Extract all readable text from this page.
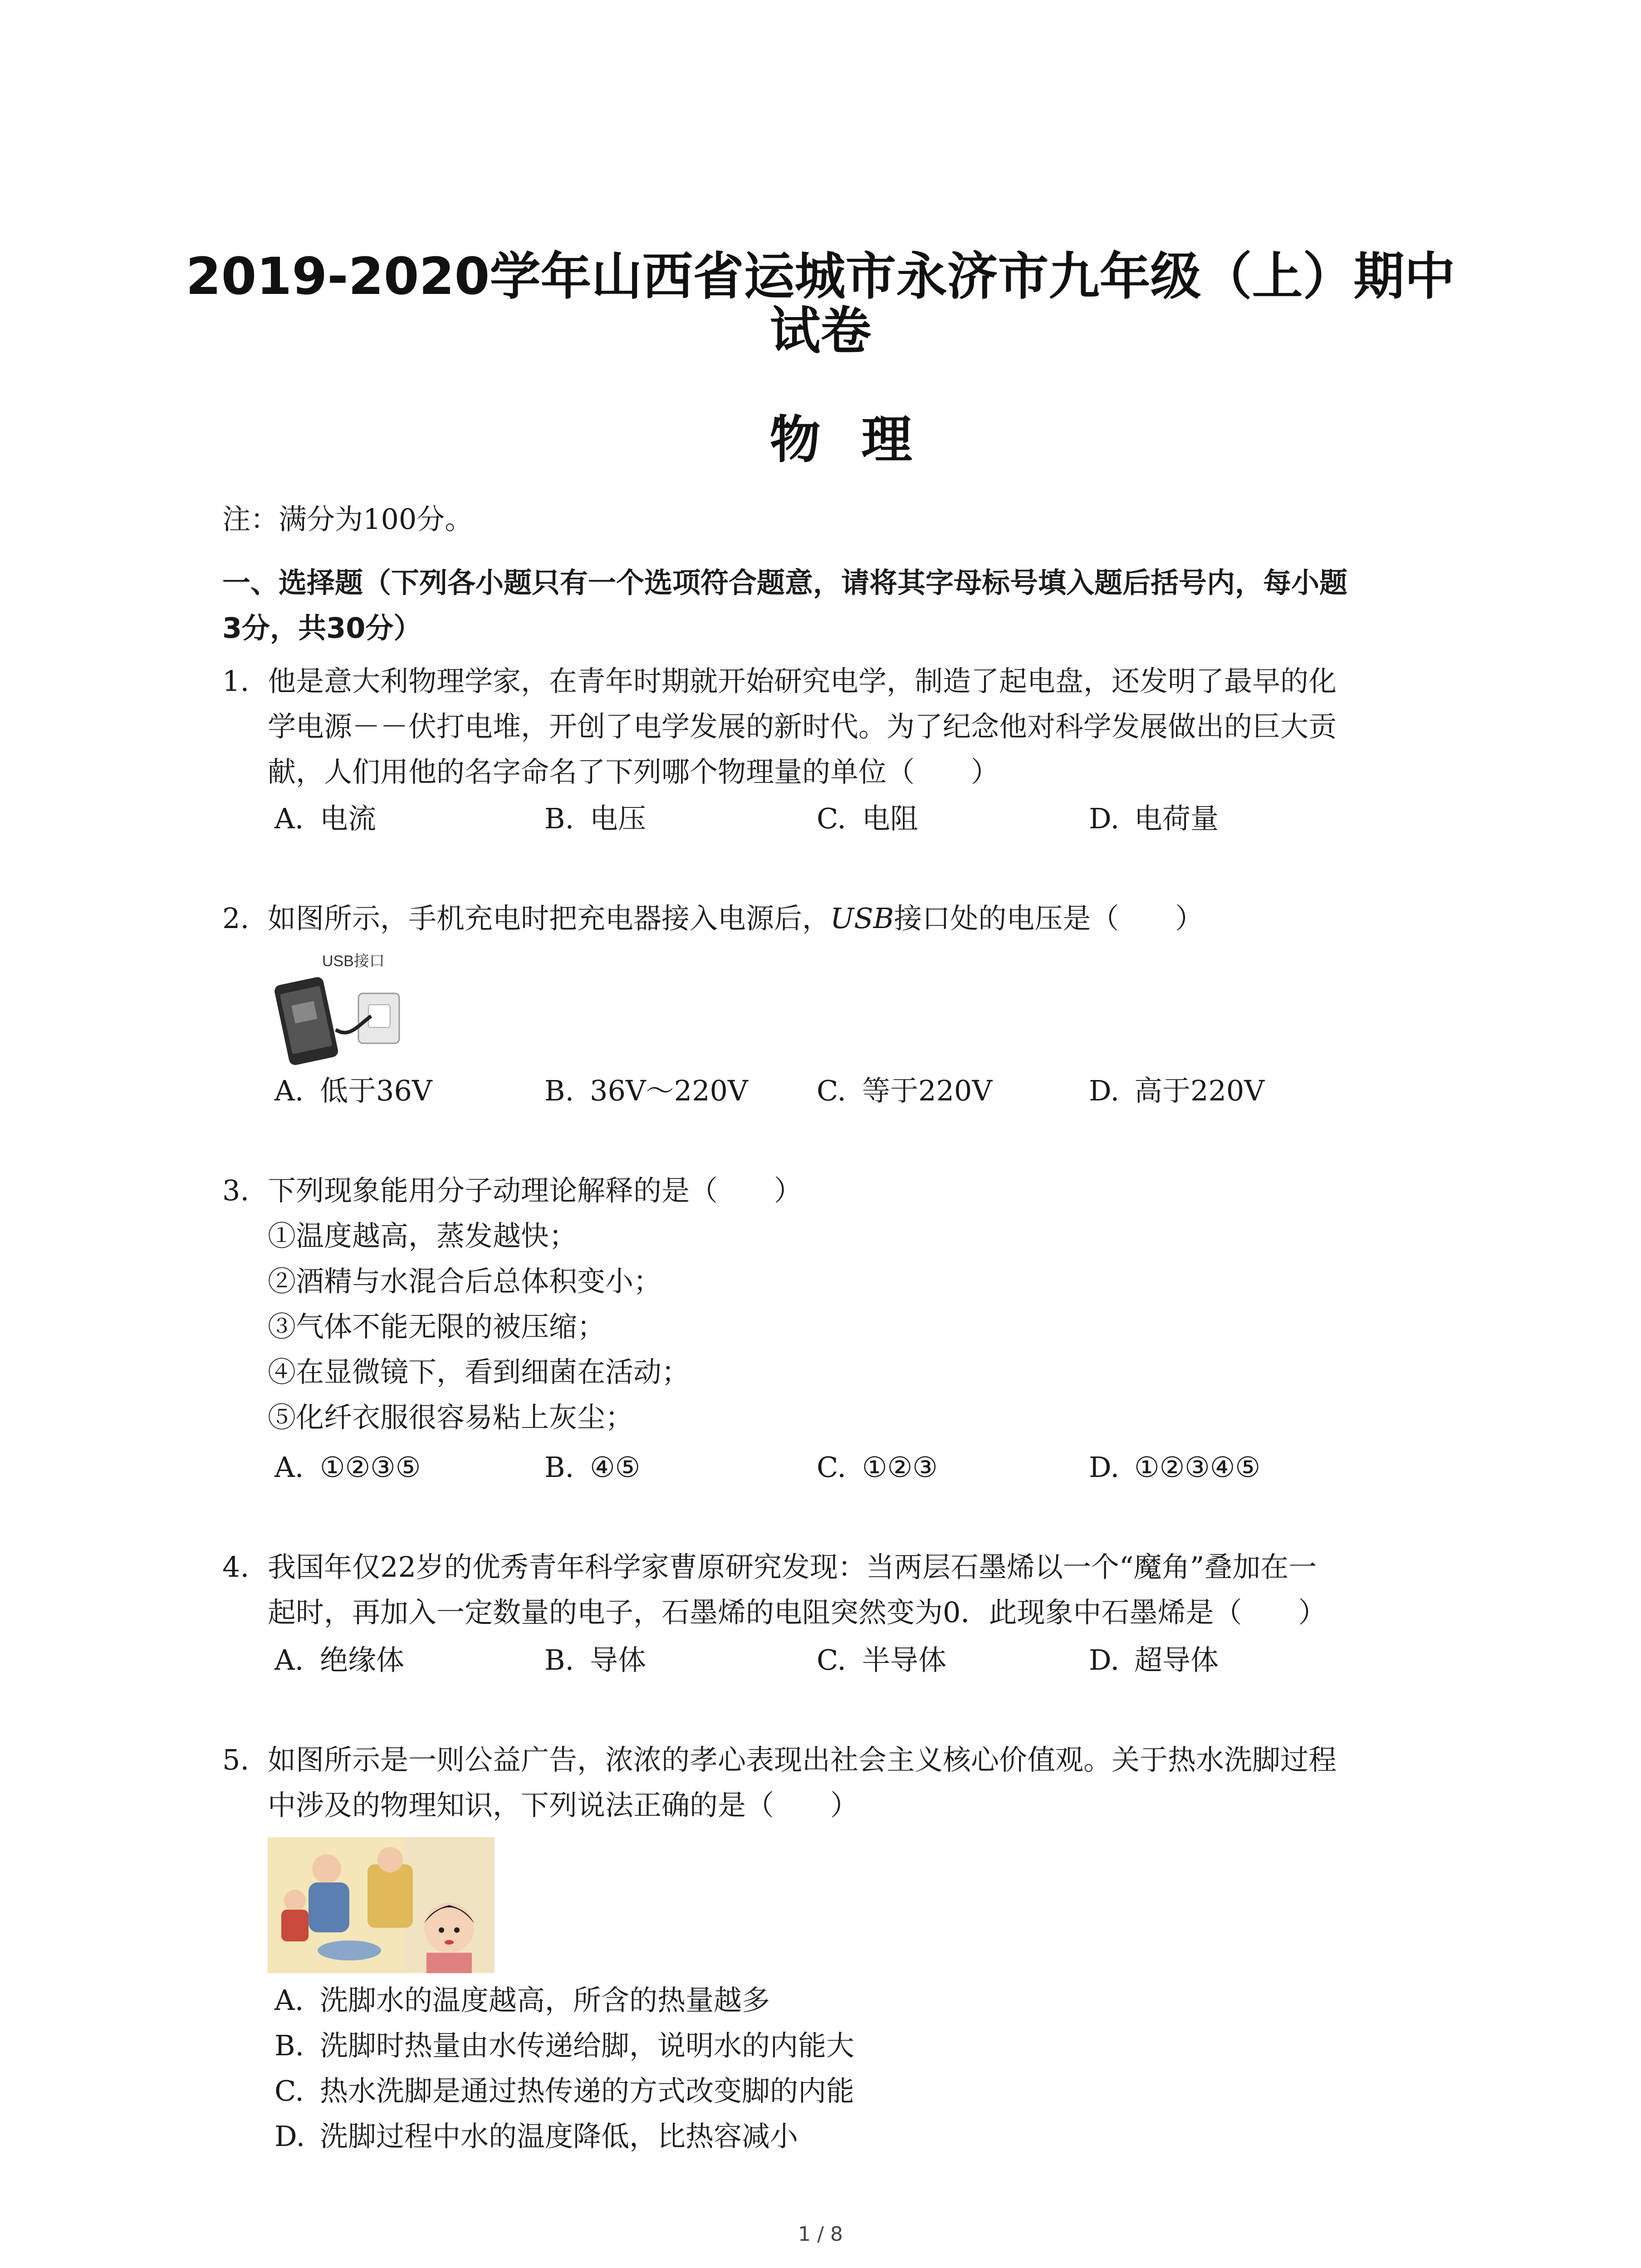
2019-2020学年山西省运城市永济市九年级（上）期中
试卷
物理
注：满分为100分。
一、选择题（下列各小题只有一个选项符合题意，请将其字母标号填入题后括号内，每小题
3分，共30分）
1. 他是意大利物理学家，在青年时期就开始研究电学，制造了起电盘，还发明了最早的化
学电源－－伏打电堆，开创了电学发展的新时代。为了纪念他对科学发展做出的巨大贡
献，人们用他的名字命名了下列哪个物理量的单位（　　）
A. 电流	B. 电压	C. 电阻	D. 电荷量
2. 如图所示，手机充电时把充电器接入电源后，USB接口处的电压是（　　）
USB接口
A. 低于36V	B. 36V～220V C. 等于220V	D. 高于220V
3. 下列现象能用分子动理论解释的是（　　）
①温度越高，蒸发越快；
②酒精与水混合后总体积变小；
③气体不能无限的被压缩；
④在显微镜下，看到细菌在活动；
⑤化纤衣服很容易粘上灰尘；
A. ①②③⑤	B. ④⑤	C. ①②③	D. ①②③④⑤
4. 我国年仅22岁的优秀青年科学家曹原研究发现：当两层石墨烯以一个“魔角”叠加在一
起时，再加入一定数量的电子，石墨烯的电阻突然变为0．此现象中石墨烯是（　　）
A. 绝缘体	B. 导体	C. 半导体	D. 超导体
5. 如图所示是一则公益广告，浓浓的孝心表现出社会主义核心价值观。关于热水洗脚过程
中涉及的物理知识，下列说法正确的是（　　）
A. 洗脚水的温度越高，所含的热量越多
B. 洗脚时热量由水传递给脚，说明水的内能大
C. 热水洗脚是通过热传递的方式改变脚的内能
D. 洗脚过程中水的温度降低，比热容减小
1 / 8
